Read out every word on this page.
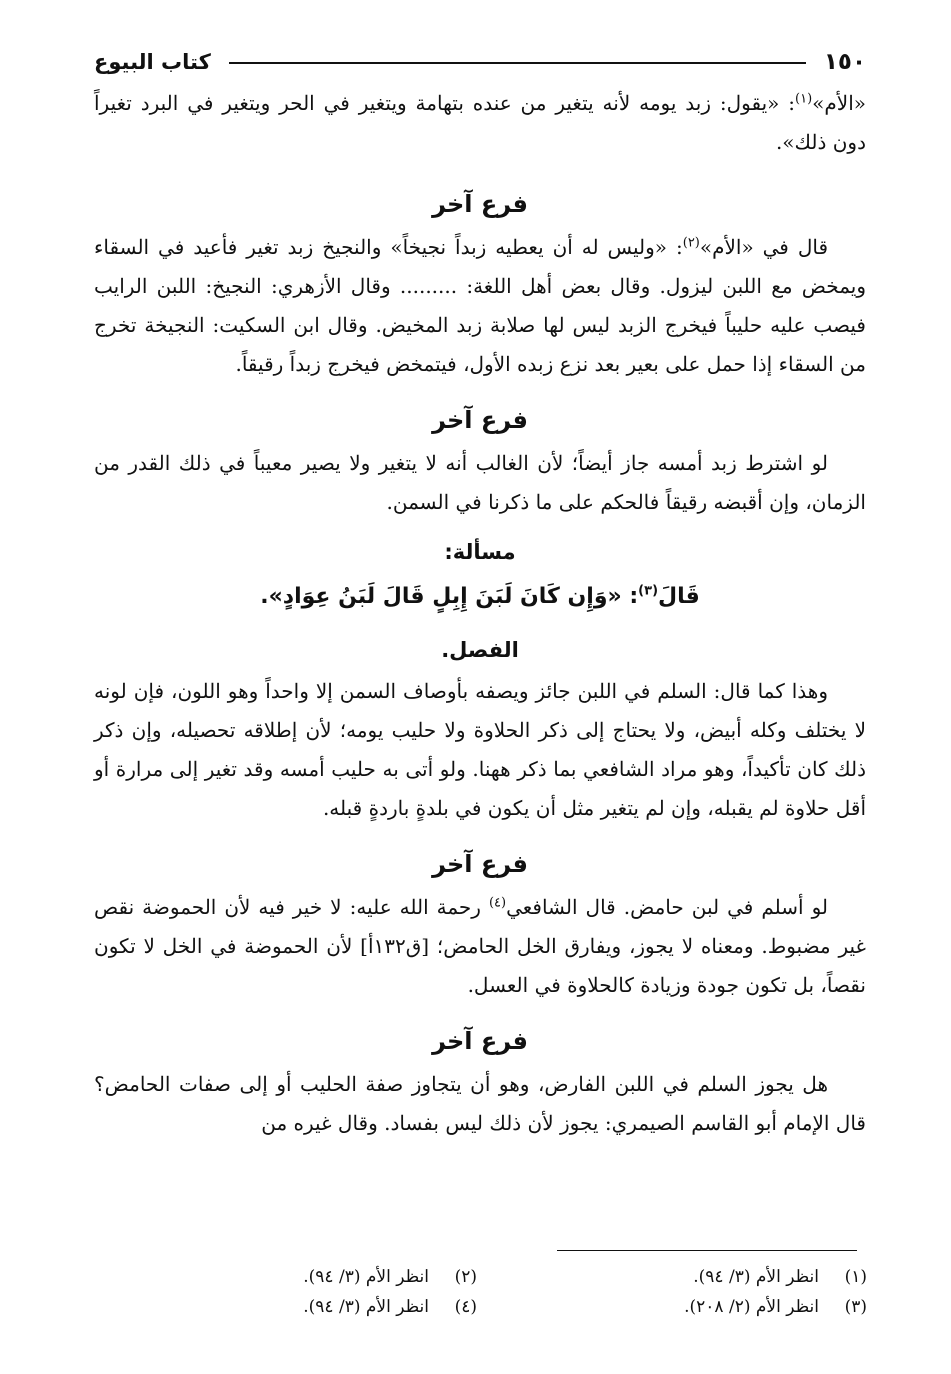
١٥٠
كتاب البيوع

«الأم»$^{(١)}$: «يقول: زبد يومه لأنه يتغير من عنده بتهامة ويتغير في الحر ويتغير في البرد تغيراً دون ذلك».

فرع آخر

قال في «الأم»$^{(٢)}$: «وليس له أن يعطيه زبداً نجيخاً» والنجيخ زبد تغير فأعيد في السقاء ويمخض مع اللبن ليزول. وقال بعض أهل اللغة: ......... وقال الأزهري: النجيخ: اللبن الرايب فيصب عليه حليباً فيخرج الزبد ليس لها صلابة زبد المخيض. وقال ابن السكيت: النجيخة تخرج من السقاء إذا حمل على بعير بعد نزع زبده الأول، فيتمخض فيخرج زبداً رقيقاً.

فرع آخر

لو اشترط زبد أمسه جاز أيضاً؛ لأن الغالب أنه لا يتغير ولا يصير معيباً في ذلك القدر من الزمان، وإن أقبضه رقيقاً فالحكم على ما ذكرنا في السمن.

مسألة:

قَالَ$^{(٣)}$: «وَإِن كَانَ لَبَنَ إِبِلٍ قَالَ لَبَنُ عِوَادٍ».

الفصل.

وهذا كما قال: السلم في اللبن جائز ويصفه بأوصاف السمن إلا واحداً وهو اللون، فإن لونه لا يختلف وكله أبيض، ولا يحتاج إلى ذكر الحلاوة ولا حليب يومه؛ لأن إطلاقه تحصيله، وإن ذكر ذلك كان تأكيداً، وهو مراد الشافعي بما ذكر ههنا. ولو أتى به حليب أمسه وقد تغير إلى مرارة أو أقل حلاوة لم يقبله، وإن لم يتغير مثل أن يكون في بلدةٍ باردةٍ قبله.

فرع آخر

لو أسلم في لبن حامض. قال الشافعي$^{(٤)}$ رحمة الله عليه: لا خير فيه لأن الحموضة نقص غير مضبوط. ومعناه لا يجوز، ويفارق الخل الحامض؛ [ق١٣٢أ] لأن الحموضة في الخل لا تكون نقصاً، بل تكون جودة وزيادة كالحلاوة في العسل.

فرع آخر

هل يجوز السلم في اللبن الفارض، وهو أن يتجاوز صفة الحليب أو إلى صفات الحامض؟ قال الإمام أبو القاسم الصيمري: يجوز لأن ذلك ليس بفساد. وقال غيره من

(١)
انظر الأم (٣/ ٩٤).
(٢)
انظر الأم (٣/ ٩٤).
(٣)
انظر الأم (٢/ ٢٠٨).
(٤)
انظر الأم (٣/ ٩٤).
